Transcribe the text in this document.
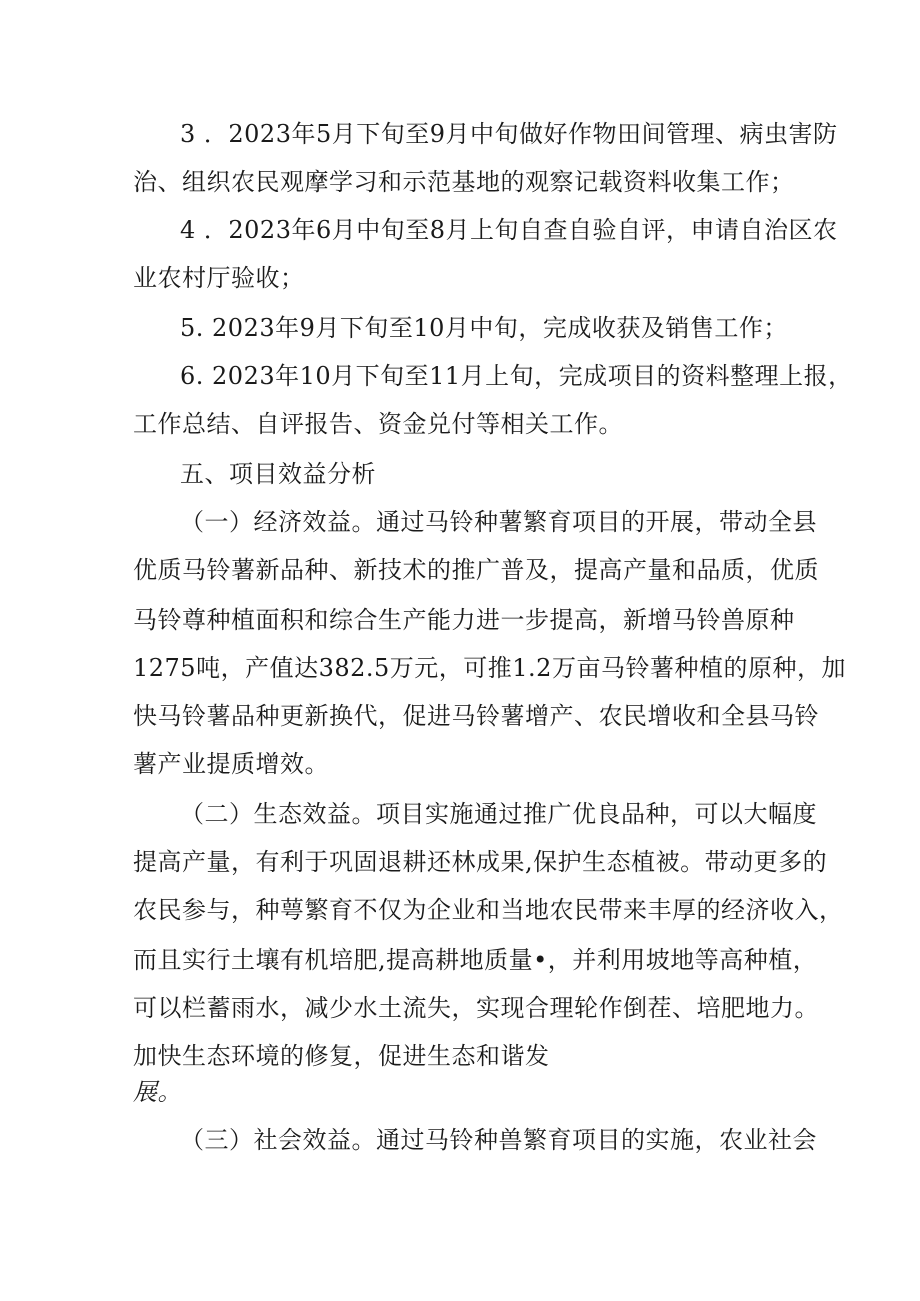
3 ．2023年5月下旬至9月中旬做好作物田间管理、病虫害防
治、组织农民观摩学习和示范基地的观察记载资料收集工作；
4 ．2023年6月中旬至8月上旬自查自验自评，申请自治区农
业农村厅验收；
5. 2023年9月下旬至10月中旬，完成收获及销售工作；
6. 2023年10月下旬至11月上旬，完成项目的资料整理上报，
工作总结、自评报告、资金兑付等相关工作。
五、项目效益分析
（一）经济效益。通过马铃种薯繁育项目的开展，带动全县
优质马铃薯新品种、新技术的推广普及，提高产量和品质，优质
马铃尊种植面积和综合生产能力进一步提高，新增马铃兽原种
1275吨，产值达382.5万元，可推1.2万亩马铃薯种植的原种，加
快马铃薯品种更新换代，促进马铃薯增产、农民增收和全县马铃
薯产业提质增效。
（二）生态效益。项目实施通过推广优良品种，可以大幅度
提高产量，有利于巩固退耕还林成果,保护生态植被。带动更多的
农民参与，种萼繁育不仅为企业和当地农民带来丰厚的经济收入，
而且实行土壤有机培肥,提高耕地质量•，并利用坡地等高种植，
可以栏蓄雨水，减少水土流失，实现合理轮作倒茬、培肥地力。
加快生态环境的修复，促进生态和谐发
展。
（三）社会效益。通过马铃种兽繁育项目的实施，农业社会
